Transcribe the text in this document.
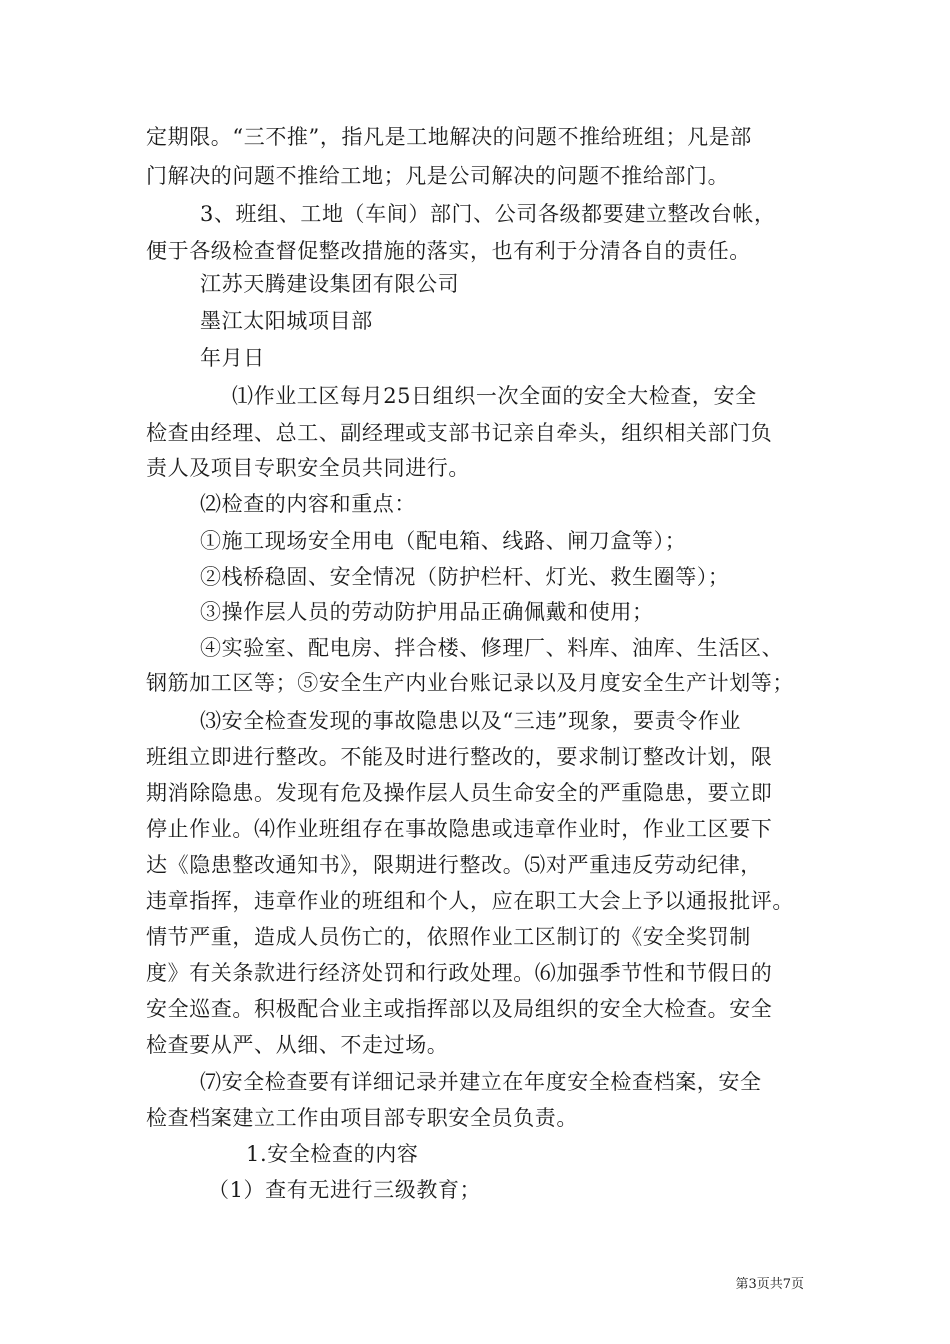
定期限。“三不推”，指凡是工地解决的问题不推给班组；凡是部
门解决的问题不推给工地；凡是公司解决的问题不推给部门。
3、班组、工地（车间）部门、公司各级都要建立整改台帐，
便于各级检查督促整改措施的落实，也有利于分清各自的责任。
江苏天腾建设集团有限公司
墨江太阳城项目部
年月日
⑴作业工区每月25日组织一次全面的安全大检查，安全
检查由经理、总工、副经理或支部书记亲自牵头，组织相关部门负
责人及项目专职安全员共同进行。
⑵检查的内容和重点：
①施工现场安全用电（配电箱、线路、闸刀盒等）；
②栈桥稳固、安全情况（防护栏杆、灯光、救生圈等）；
③操作层人员的劳动防护用品正确佩戴和使用；
④实验室、配电房、拌合楼、修理厂、料库、油库、生活区、
钢筋加工区等；⑤安全生产内业台账记录以及月度安全生产计划等；
⑶安全检查发现的事故隐患以及“三违”现象，要责令作业
班组立即进行整改。不能及时进行整改的，要求制订整改计划，限
期消除隐患。发现有危及操作层人员生命安全的严重隐患，要立即
停止作业。⑷作业班组存在事故隐患或违章作业时，作业工区要下
达《隐患整改通知书》，限期进行整改。⑸对严重违反劳动纪律，
违章指挥，违章作业的班组和个人，应在职工大会上予以通报批评。
情节严重，造成人员伤亡的，依照作业工区制订的《安全奖罚制
度》有关条款进行经济处罚和行政处理。⑹加强季节性和节假日的
安全巡查。积极配合业主或指挥部以及局组织的安全大检查。安全
检查要从严、从细、不走过场。
⑺安全检查要有详细记录并建立在年度安全检查档案，安全
检查档案建立工作由项目部专职安全员负责。
1.安全检查的内容
（1）查有无进行三级教育；
第3页共7页
